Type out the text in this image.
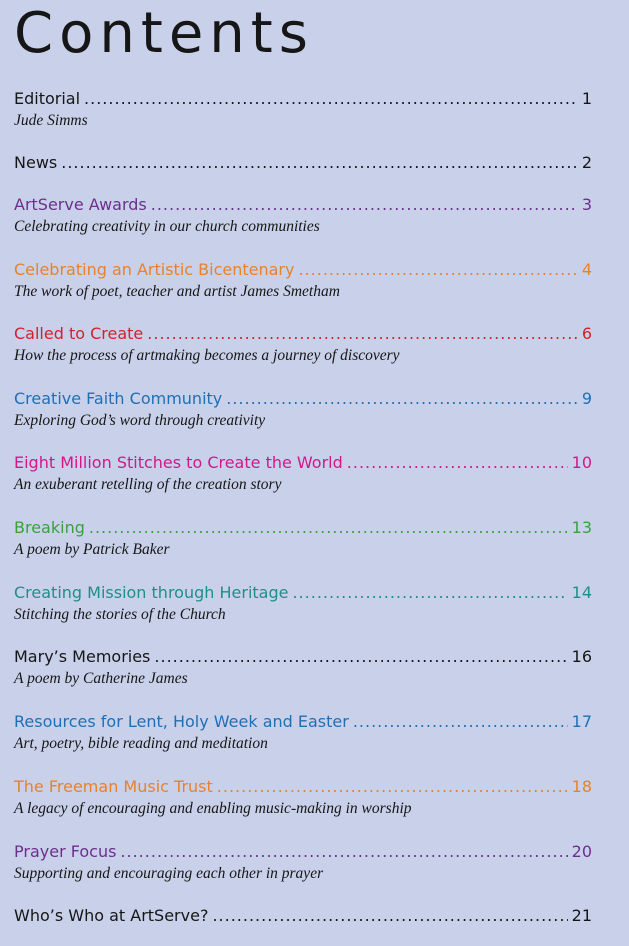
Contents
Editorial .....	1
Jude Simms
News .....	2
ArtServe Awards .....	3
Celebrating creativity in our church communities
Celebrating an Artistic Bicentenary .....	4
The work of poet, teacher and artist James Smetham
Called to Create .....	6
How the process of artmaking becomes a journey of discovery
Creative Faith Community .....	9
Exploring God’s word through creativity
Eight Million Stitches to Create the World .....	10
An exuberant retelling of the creation story
Breaking .....	13
A poem by Patrick Baker
Creating Mission through Heritage .....	14
Stitching the stories of the Church
Mary’s Memories .....	16
A poem by Catherine James
Resources for Lent, Holy Week and Easter .....	17
Art, poetry, bible reading and meditation
The Freeman Music Trust .....	18
A legacy of encouraging and enabling music-making in worship
Prayer Focus .....	20
Supporting and encouraging each other in prayer
Who’s Who at ArtServe? .....	21
